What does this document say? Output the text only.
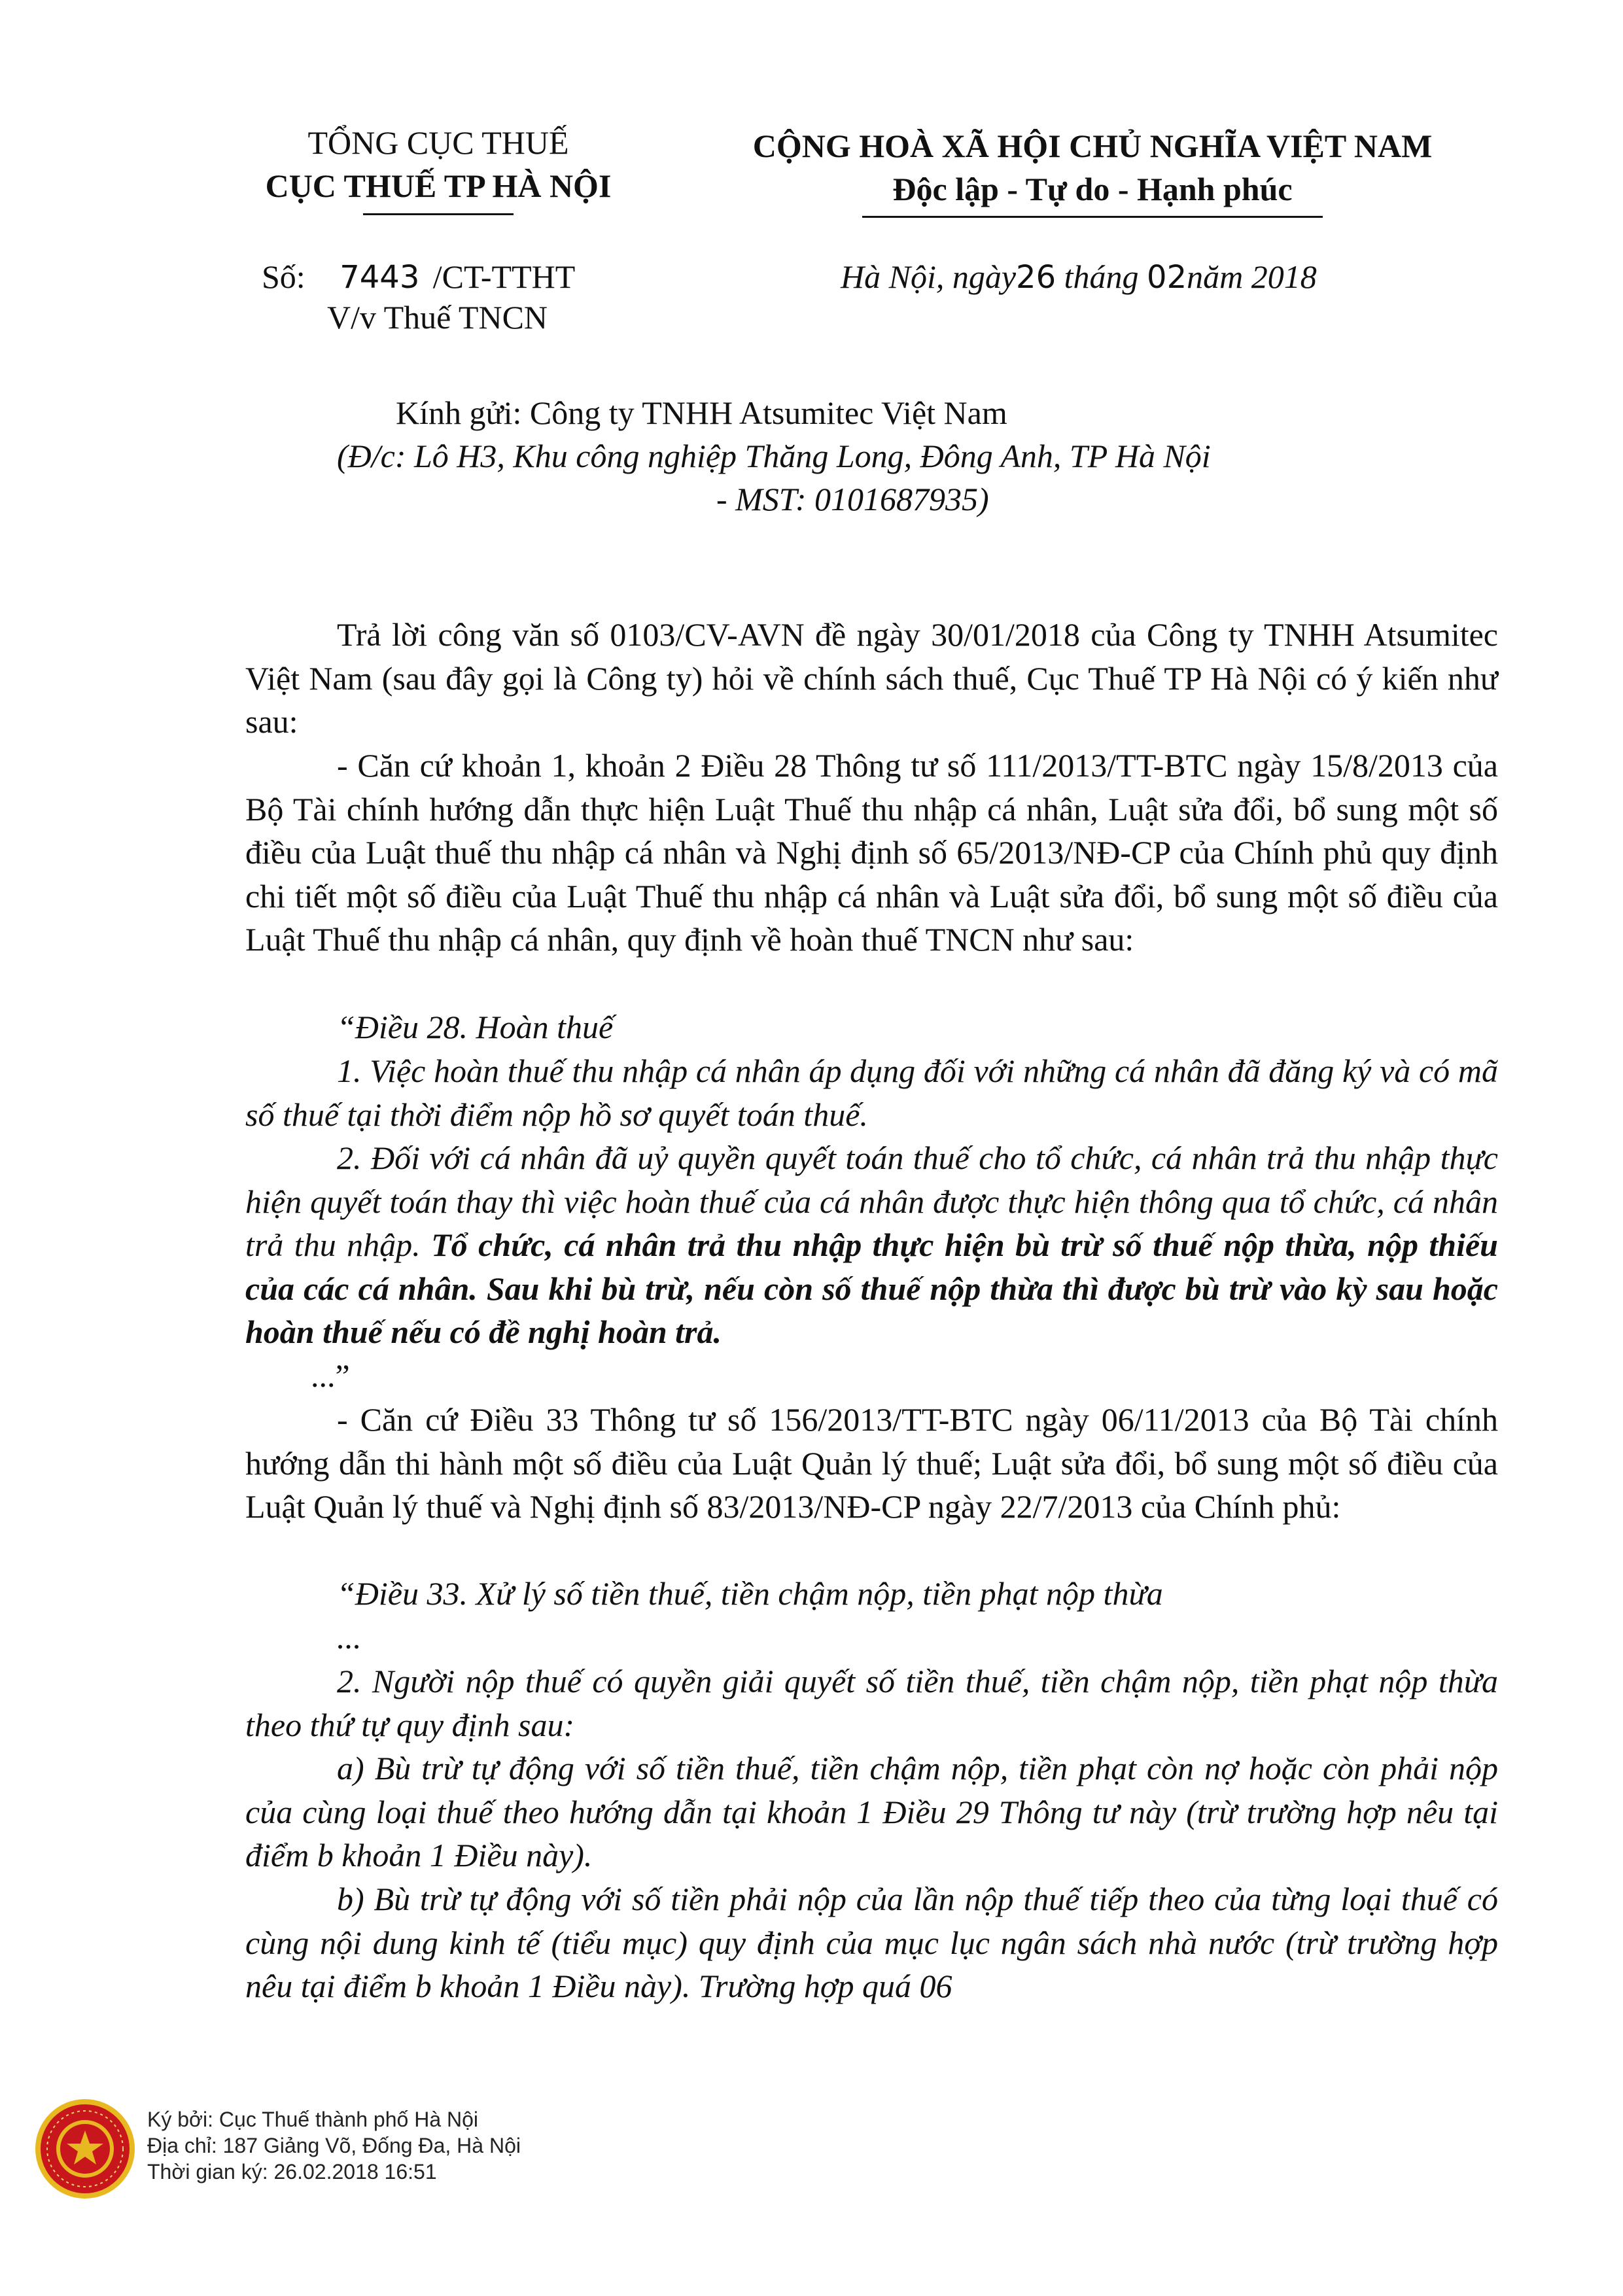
TỔNG CỤC THUẾ
CỤC THUẾ TP HÀ NỘI
CỘNG HOÀ XÃ HỘI CHỦ NGHĨA VIỆT NAM
Độc lập - Tự do - Hạnh phúc
Số: 7443 /CT-TTHT
V/v Thuế TNCN
Hà Nội, ngày26 tháng 02năm 2018
Kính gửi: Công ty TNHH Atsumitec Việt Nam
(Đ/c: Lô H3, Khu công nghiệp Thăng Long, Đông Anh, TP Hà Nội
- MST: 0101687935)
Trả lời công văn số 0103/CV-AVN đề ngày 30/01/2018 của Công ty TNHH Atsumitec Việt Nam (sau đây gọi là Công ty) hỏi về chính sách thuế, Cục Thuế TP Hà Nội có ý kiến như sau:
- Căn cứ khoản 1, khoản 2 Điều 28 Thông tư số 111/2013/TT-BTC ngày 15/8/2013 của Bộ Tài chính hướng dẫn thực hiện Luật Thuế thu nhập cá nhân, Luật sửa đổi, bổ sung một số điều của Luật thuế thu nhập cá nhân và Nghị định số 65/2013/NĐ-CP của Chính phủ quy định chi tiết một số điều của Luật Thuế thu nhập cá nhân và Luật sửa đổi, bổ sung một số điều của Luật Thuế thu nhập cá nhân, quy định về hoàn thuế TNCN như sau:
“Điều 28. Hoàn thuế
1. Việc hoàn thuế thu nhập cá nhân áp dụng đối với những cá nhân đã đăng ký và có mã số thuế tại thời điểm nộp hồ sơ quyết toán thuế.
2. Đối với cá nhân đã uỷ quyền quyết toán thuế cho tổ chức, cá nhân trả thu nhập thực hiện quyết toán thay thì việc hoàn thuế của cá nhân được thực hiện thông qua tổ chức, cá nhân trả thu nhập. Tổ chức, cá nhân trả thu nhập thực hiện bù trừ số thuế nộp thừa, nộp thiếu của các cá nhân. Sau khi bù trừ, nếu còn số thuế nộp thừa thì được bù trừ vào kỳ sau hoặc hoàn thuế nếu có đề nghị hoàn trả.
...”
- Căn cứ Điều 33 Thông tư số 156/2013/TT-BTC ngày 06/11/2013 của Bộ Tài chính hướng dẫn thi hành một số điều của Luật Quản lý thuế; Luật sửa đổi, bổ sung một số điều của Luật Quản lý thuế và Nghị định số 83/2013/NĐ-CP ngày 22/7/2013 của Chính phủ:
“Điều 33. Xử lý số tiền thuế, tiền chậm nộp, tiền phạt nộp thừa
...
2. Người nộp thuế có quyền giải quyết số tiền thuế, tiền chậm nộp, tiền phạt nộp thừa theo thứ tự quy định sau:
a) Bù trừ tự động với số tiền thuế, tiền chậm nộp, tiền phạt còn nợ hoặc còn phải nộp của cùng loại thuế theo hướng dẫn tại khoản 1 Điều 29 Thông tư này (trừ trường hợp nêu tại điểm b khoản 1 Điều này).
b) Bù trừ tự động với số tiền phải nộp của lần nộp thuế tiếp theo của từng loại thuế có cùng nội dung kinh tế (tiểu mục) quy định của mục lục ngân sách nhà nước (trừ trường hợp nêu tại điểm b khoản 1 Điều này). Trường hợp quá 06
Ký bởi: Cục Thuế thành phố Hà Nội
Địa chỉ: 187 Giảng Võ, Đống Đa, Hà Nội
Thời gian ký: 26.02.2018 16:51
